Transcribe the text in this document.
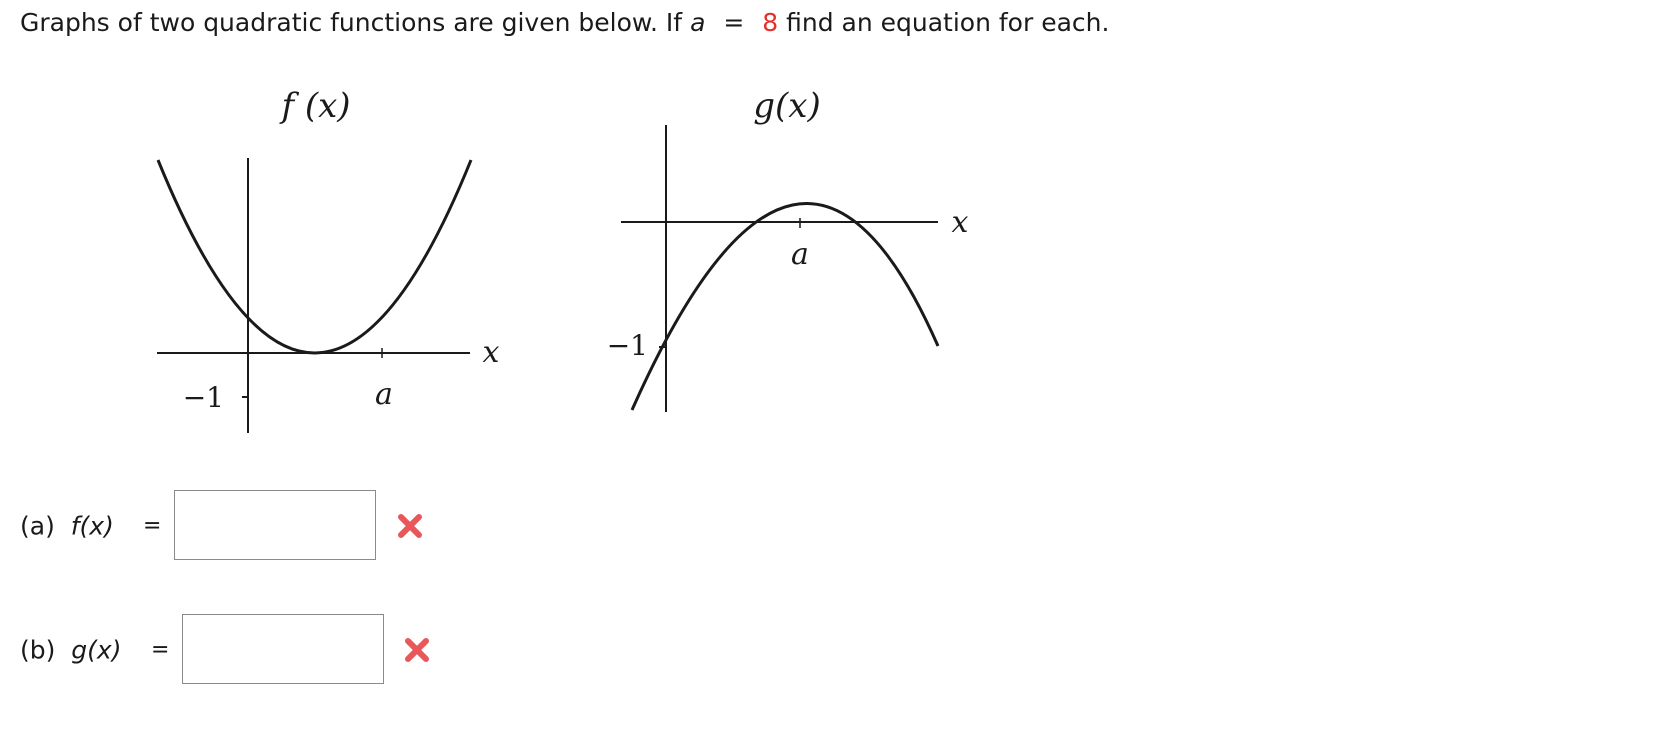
Graphs of two quadratic functions are given below. If a = 8 find an equation for each.
f (x)
x
−1	a
g(x)
x
−1
a
(a) f(x) =
(b) g(x) =
